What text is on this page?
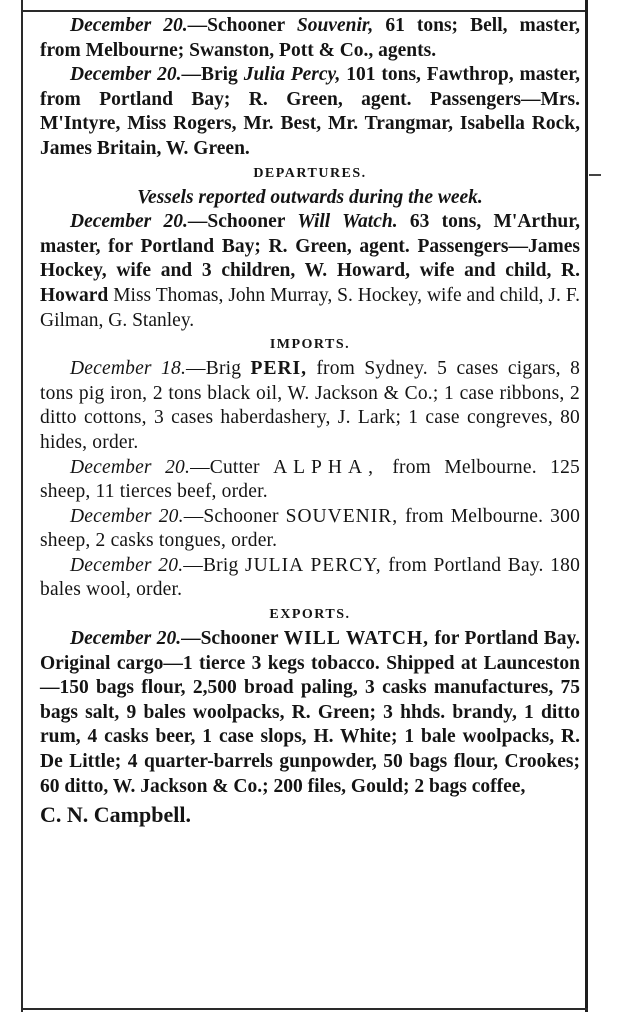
December 20.—Schooner Souvenir, 61 tons; Bell, master, from Melbourne; Swanston, Pott & Co., agents.

December 20.—Brig Julia Percy, 101 tons, Fawthrop, master, from Portland Bay; R. Green, agent. Passengers—Mrs. M'Intyre, Miss Rogers, Mr. Best, Mr. Trangmar, Isabella Rock, James Britain, W. Green.

DEPARTURES.

Vessels reported outwards during the week.

December 20.—Schooner Will Watch. 63 tons, M'Arthur, master, for Portland Bay; R. Green, agent. Passengers—James Hockey, wife and 3 children, W. Howard, wife and child, R. Howard Miss Thomas, John Murray, S. Hockey, wife and child, J. F. Gilman, G. Stanley.

IMPORTS.

December 18.—Brig PERI, from Sydney. 5 cases cigars, 8 tons pig iron, 2 tons black oil, W. Jackson & Co.; 1 case ribbons, 2 ditto cottons, 3 cases haberdashery, J. Lark; 1 case congreves, 80 hides, order.

December 20.—Cutter ALPHA, from Melbourne. 125 sheep, 11 tierces beef, order.

December 20.—Schooner SOUVENIR, from Melbourne. 300 sheep, 2 casks tongues, order.

December 20.—Brig JULIA PERCY, from Portland Bay. 180 bales wool, order.

EXPORTS.

December 20.—Schooner WILL WATCH, for Portland Bay. Original cargo—1 tierce 3 kegs tobacco. Shipped at Launceston—150 bags flour, 2,500 broad paling, 3 casks manufactures, 75 bags salt, 9 bales woolpacks, R. Green; 3 hhds. brandy, 1 ditto rum, 4 casks beer, 1 case slops, H. White; 1 bale woolpacks, R. De Little; 4 quarter-barrels gunpowder, 50 bags flour, Crookes; 60 ditto, W. Jackson & Co.; 200 files, Gould; 2 bags coffee,

C. N. Campbell.
